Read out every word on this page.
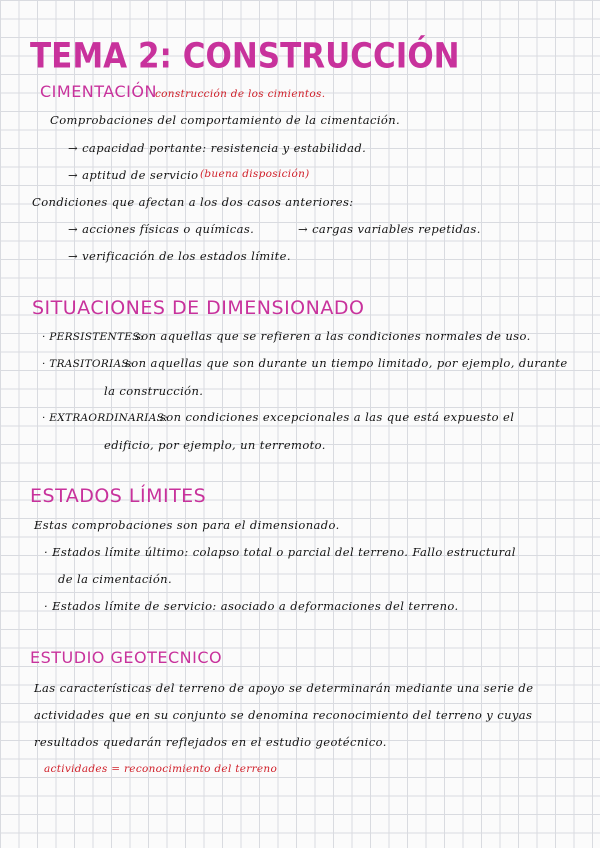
TEMA 2: CONSTRUCCIÓN
CIMENTACIÓN
construcción de los cimientos.
Comprobaciones del comportamiento de la cimentación.
→ capacidad portante: resistencia y estabilidad.
→ aptitud de servicio (buena disposición)
Condiciones que afectan a los dos casos anteriores:
→ acciones físicas o químicas.	→ cargas variables repetidas.
→ verificación de los estados límite.
SITUACIONES DE DIMENSIONADO
· PERSISTENTES:
son aquellas que se refieren a las condiciones normales de uso.
· TRASITORIAS:
son aquellas que son durante un tiempo limitado, por ejemplo, durante
la construcción.
· EXTRAORDINARIAS:
son condiciones excepcionales a las que está expuesto el
edificio, por ejemplo, un terremoto.
ESTADOS LÍMITES
Estas comprobaciones son para el dimensionado.
· Estados límite último: colapso total o parcial del terreno. Fallo estructural
de la cimentación.
· Estados límite de servicio: asociado a deformaciones del terreno.
ESTUDIO GEOTECNICO
Las características del terreno de apoyo se determinarán mediante una serie de
actividades que en su conjunto se denomina reconocimiento del terreno y cuyas
resultados quedarán reflejados en el estudio geotécnico.
actividades = reconocimiento del terreno
